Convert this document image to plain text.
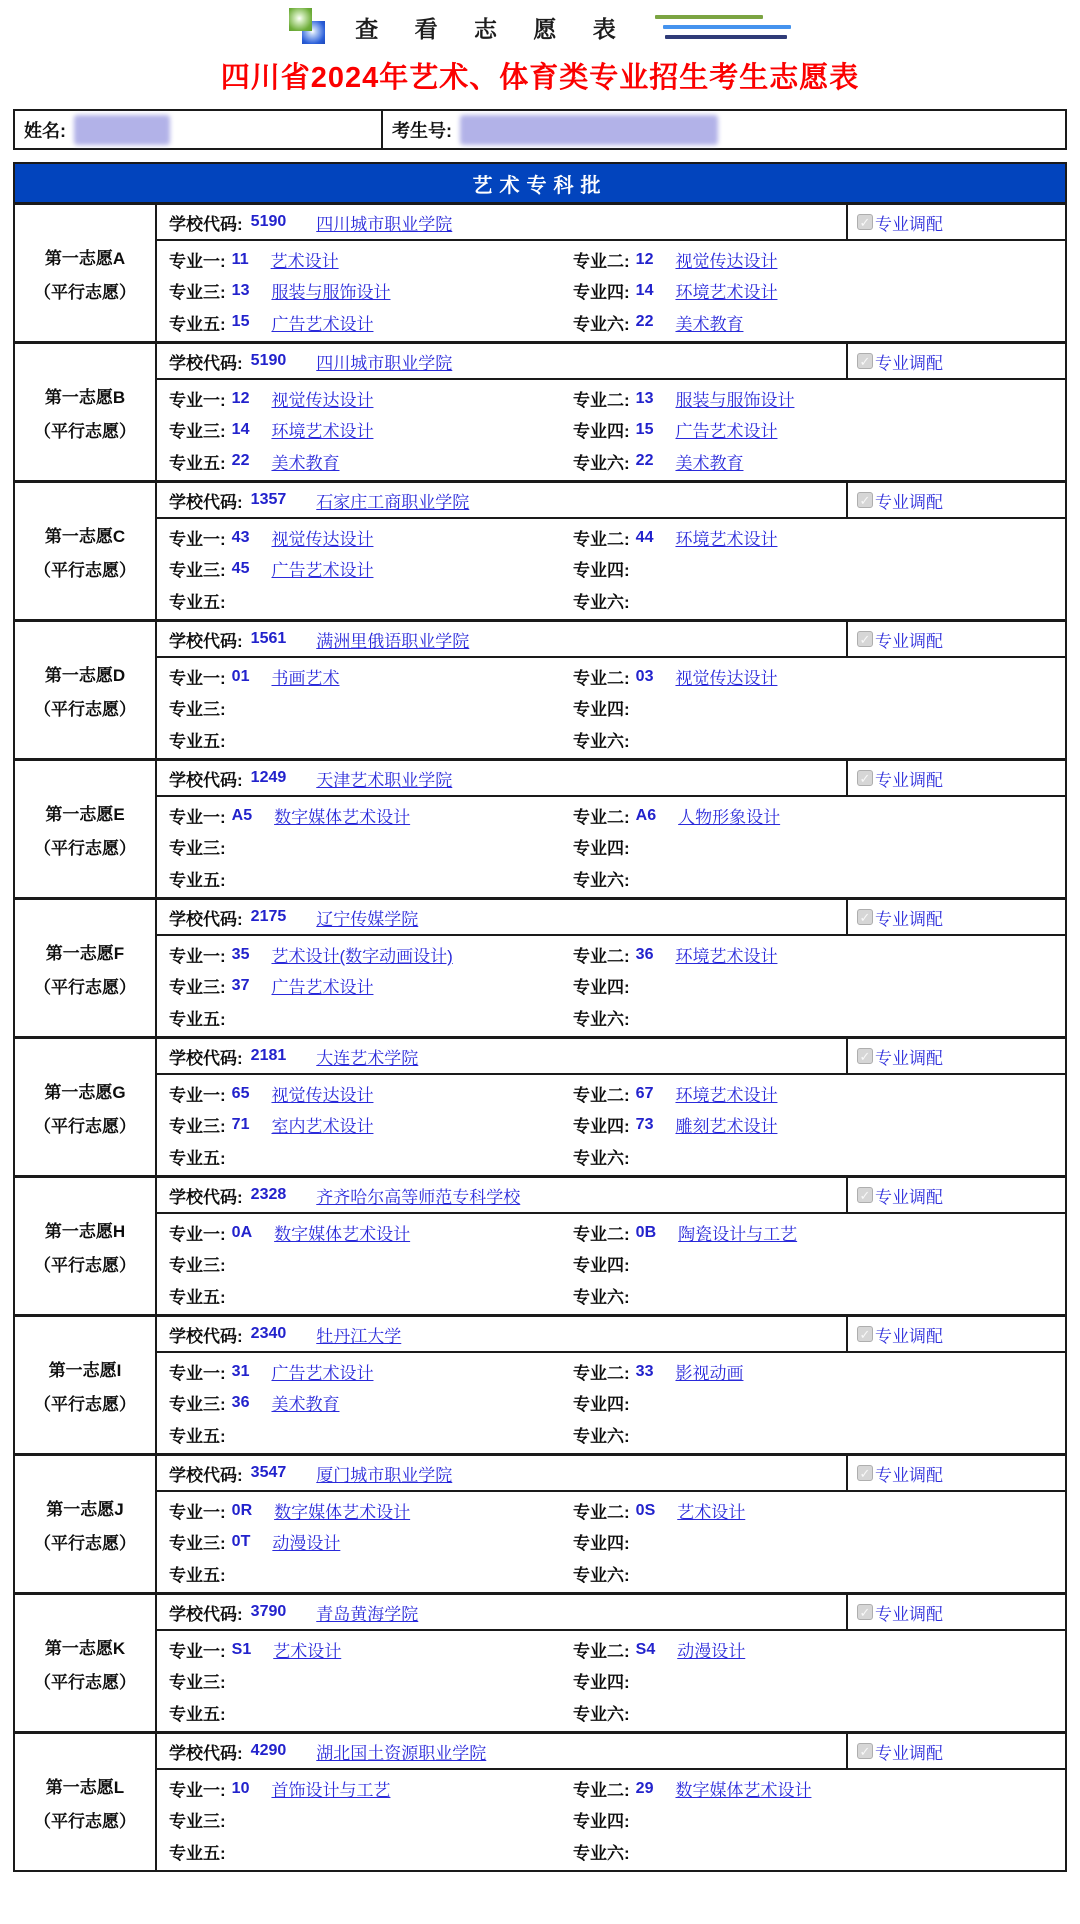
查 看 志 愿 表
四川省2024年艺术、体育类专业招生考生志愿表
姓名:	考生号:
艺术专科批
第一志愿A
（平行志愿）
学校代码: 5190 四川城市职业学院	✓ 专业调配
专业一: 11 艺术设计	专业二: 12 视觉传达设计
专业三: 13 服装与服饰设计	专业四: 14 环境艺术设计
专业五: 15 广告艺术设计	专业六: 22 美术教育
第一志愿B
（平行志愿）
学校代码: 5190 四川城市职业学院	✓ 专业调配
专业一: 12 视觉传达设计	专业二: 13 服装与服饰设计
专业三: 14 环境艺术设计	专业四: 15 广告艺术设计
专业五: 22 美术教育	专业六: 22 美术教育
第一志愿C
（平行志愿）
学校代码: 1357 石家庄工商职业学院	✓ 专业调配
专业一: 43 视觉传达设计	专业二: 44 环境艺术设计
专业三: 45 广告艺术设计	专业四:
专业五:	专业六:
第一志愿D
（平行志愿）
学校代码: 1561 满洲里俄语职业学院	✓ 专业调配
专业一: 01 书画艺术	专业二: 03 视觉传达设计
专业三:	专业四:
专业五:	专业六:
第一志愿E
（平行志愿）
学校代码: 1249 天津艺术职业学院	✓ 专业调配
专业一: A5 数字媒体艺术设计	专业二: A6 人物形象设计
专业三:	专业四:
专业五:	专业六:
第一志愿F
（平行志愿）
学校代码: 2175 辽宁传媒学院	✓ 专业调配
专业一: 35 艺术设计(数字动画设计)	专业二: 36 环境艺术设计
专业三: 37 广告艺术设计	专业四:
专业五:	专业六:
第一志愿G
（平行志愿）
学校代码: 2181 大连艺术学院	✓ 专业调配
专业一: 65 视觉传达设计	专业二: 67 环境艺术设计
专业三: 71 室内艺术设计	专业四: 73 雕刻艺术设计
专业五:	专业六:
第一志愿H
（平行志愿）
学校代码: 2328 齐齐哈尔高等师范专科学校	✓ 专业调配
专业一: 0A 数字媒体艺术设计	专业二: 0B 陶瓷设计与工艺
专业三:	专业四:
专业五:	专业六:
第一志愿I
（平行志愿）
学校代码: 2340 牡丹江大学	✓ 专业调配
专业一: 31 广告艺术设计	专业二: 33 影视动画
专业三: 36 美术教育	专业四:
专业五:	专业六:
第一志愿J
（平行志愿）
学校代码: 3547 厦门城市职业学院	✓ 专业调配
专业一: 0R 数字媒体艺术设计	专业二: 0S 艺术设计
专业三: 0T 动漫设计	专业四:
专业五:	专业六:
第一志愿K
（平行志愿）
学校代码: 3790 青岛黄海学院	✓ 专业调配
专业一: S1 艺术设计	专业二: S4 动漫设计
专业三:	专业四:
专业五:	专业六:
第一志愿L
（平行志愿）
学校代码: 4290 湖北国土资源职业学院	✓ 专业调配
专业一: 10 首饰设计与工艺	专业二: 29 数字媒体艺术设计
专业三:	专业四:
专业五:	专业六:
